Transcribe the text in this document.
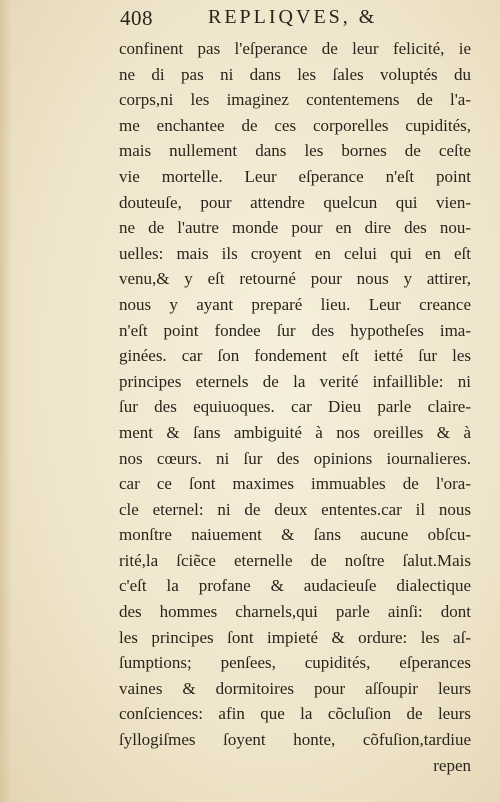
408	REPLIQVES, &
confinent pas l'eſperance de leur felicité, ie
ne di pas ni dans les ſales voluptés du
corps,ni les imaginez contentemens de l'a-
me enchantee de ces corporelles cupidités,
mais nullement dans les bornes de ceſte
vie mortelle. Leur eſperance n'eſt point
douteuſe, pour attendre quelcun qui vien-
ne de l'autre monde pour en dire des nou-
uelles: mais ils croyent en celui qui en eſt
venu,& y eſt retourné pour nous y attirer,
nous y ayant preparé lieu. Leur creance
n'eſt point fondee ſur des hypotheſes ima-
ginées. car ſon fondement eſt ietté ſur les
principes eternels de la verité infaillible: ni
ſur des equiuoques. car Dieu parle claire-
ment & ſans ambiguité à nos oreilles & à
nos cœurs. ni ſur des opinions iournalieres.
car ce ſont maximes immuables de l'ora-
cle eternel: ni de deux ententes.car il nous
monſtre naiuement & ſans aucune obſcu-
rité,la ſciẽce eternelle de noſtre ſalut.Mais
c'eſt la profane & audacieuſe dialectique
des hommes charnels,qui parle ainſi: dont
les principes ſont impieté & ordure: les aſ-
ſumptions; penſees, cupidités, eſperances
vaines & dormitoires pour aſſoupir leurs
conſciences: afin que la cõcluſion de leurs
ſyllogiſmes ſoyent honte, cõfuſion,tardiue
repen
